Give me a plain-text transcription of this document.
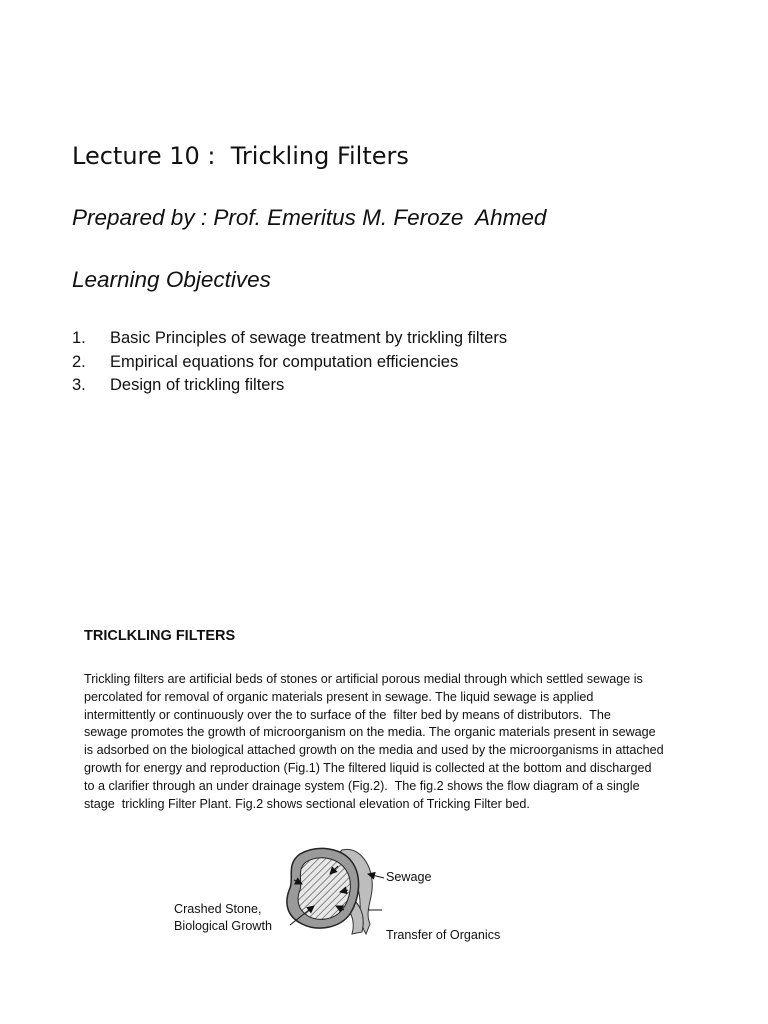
Lecture 10 :  Trickling Filters
Prepared by : Prof. Emeritus M. Feroze  Ahmed
Learning Objectives
1.	Basic Principles of sewage treatment by trickling filters
2.	Empirical equations for computation efficiencies
3.	Design of trickling filters
TRICLKLING FILTERS
Trickling filters are artificial beds of stones or artificial porous medial through which settled sewage is
percolated for removal of organic materials present in sewage. The liquid sewage is applied
intermittently or continuously over the to surface of the  filter bed by means of distributors.  The
sewage promotes the growth of microorganism on the media. The organic materials present in sewage
is adsorbed on the biological attached growth on the media and used by the microorganisms in attached
growth for energy and reproduction (Fig.1) The filtered liquid is collected at the bottom and discharged
to a clarifier through an under drainage system (Fig.2).  The fig.2 shows the flow diagram of a single
stage  trickling Filter Plant. Fig.2 shows sectional elevation of Tricking Filter bed.
Sewage
Crashed Stone,
Biological Growth
Transfer of Organics
